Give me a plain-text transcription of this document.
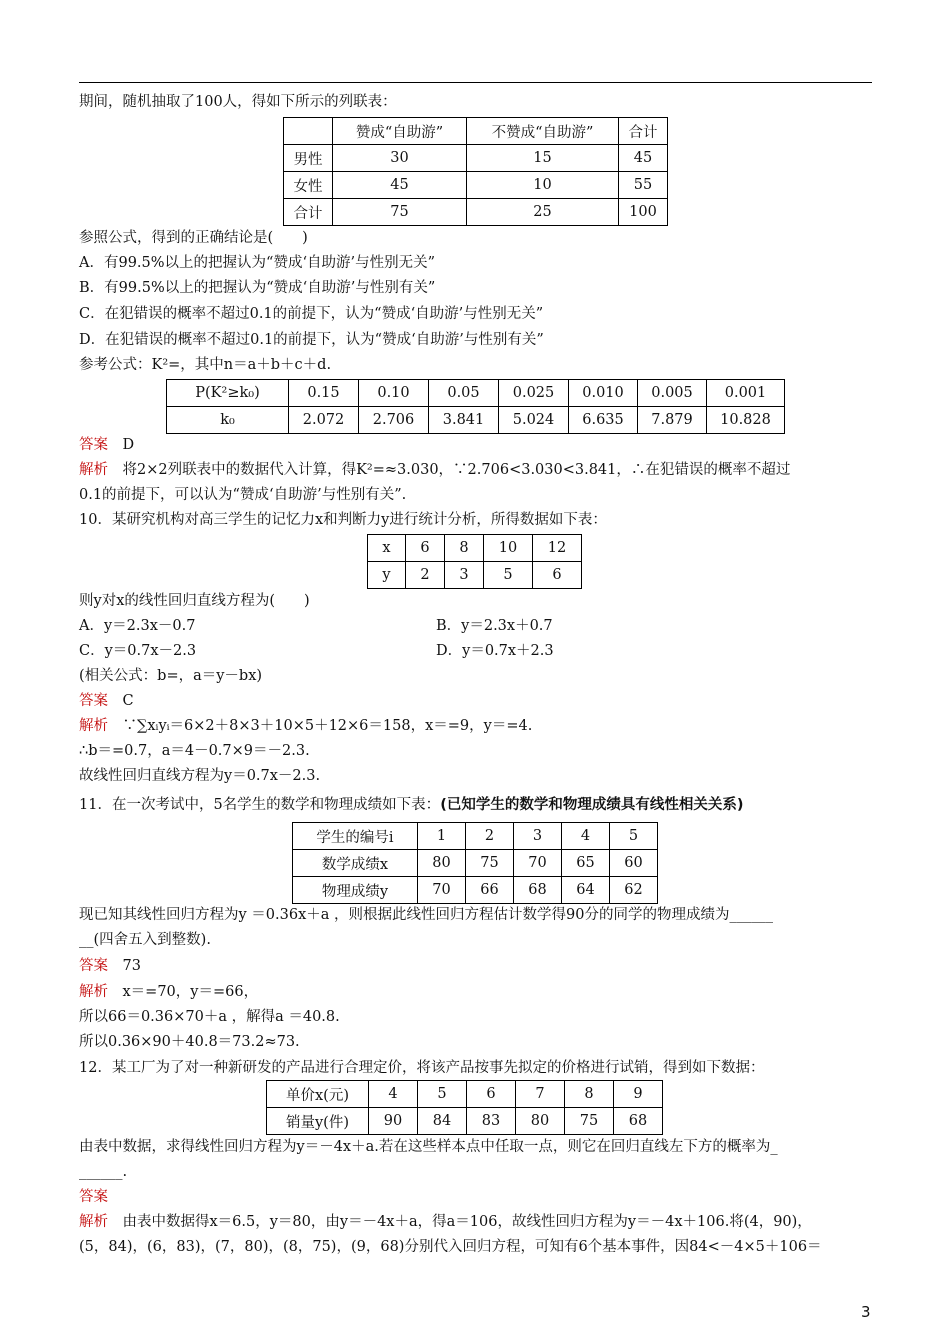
期间，随机抽取了100人，得如下所示的列联表：
	赞成“自助游”	不赞成“自助游”	合计
男性	30	15	45
女性	45	10	55
合计	75	25	100
参照公式，得到的正确结论是(　　)
A．有99.5%以上的把握认为“赞成‘自助游’与性别无关”
B．有99.5%以上的把握认为“赞成‘自助游’与性别有关”
C．在犯错误的概率不超过0.1的前提下，认为“赞成‘自助游’与性别无关”
D．在犯错误的概率不超过0.1的前提下，认为“赞成‘自助游’与性别有关”
参考公式：K²=，其中n＝a＋b＋c＋d.
P(K²≥k₀)	0.15	0.10	0.05	0.025	0.010	0.005	0.001
k₀	2.072	2.706	3.841	5.024	6.635	7.879	10.828
答案　D
解析　将2×2列联表中的数据代入计算，得K²=≈3.030，∵2.706<3.030<3.841，∴在犯错误的概率不超过
0.1的前提下，可以认为“赞成‘自助游’与性别有关”.
10．某研究机构对高三学生的记忆力x和判断力y进行统计分析，所得数据如下表：
x	6	8	10	12
y	2	3	5	6
则y对x的线性回归直线方程为(　　)
A．y＝2.3x－0.7	B．y＝2.3x＋0.7
C．y＝0.7x－2.3	D．y＝0.7x＋2.3
(相关公式：b=，a＝y－bx)
答案　C
解析　∵∑xᵢyᵢ＝6×2＋8×3＋10×5＋12×6＝158，x＝=9，y＝=4.
∴b＝=0.7，a＝4－0.7×9＝－2.3.
故线性回归直线方程为y＝0.7x－2.3.
11．在一次考试中，5名学生的数学和物理成绩如下表：(已知学生的数学和物理成绩具有线性相关关系)
学生的编号i	1	2	3	4	5
数学成绩x	80	75	70	65	60
物理成绩y	70	66	68	64	62
现已知其线性回归方程为y ＝0.36x＋a ，则根据此线性回归方程估计数学得90分的同学的物理成绩为______
__(四舍五入到整数).
答案　73
解析　x＝=70，y＝=66，
所以66＝0.36×70＋a ，解得a ＝40.8.
所以0.36×90＋40.8＝73.2≈73.
12．某工厂为了对一种新研发的产品进行合理定价，将该产品按事先拟定的价格进行试销，得到如下数据：
单价x(元)	4	5	6	7	8	9
销量y(件)	90	84	83	80	75	68
由表中数据，求得线性回归方程为y＝－4x＋a.若在这些样本点中任取一点，则它在回归直线左下方的概率为_
______.
答案
解析　由表中数据得x＝6.5，y＝80，由y＝－4x＋a，得a＝106，故线性回归方程为y＝－4x＋106.将(4，90)，
(5，84)，(6，83)，(7，80)，(8，75)，(9，68)分别代入回归方程，可知有6个基本事件，因84<－4×5＋106＝
3
